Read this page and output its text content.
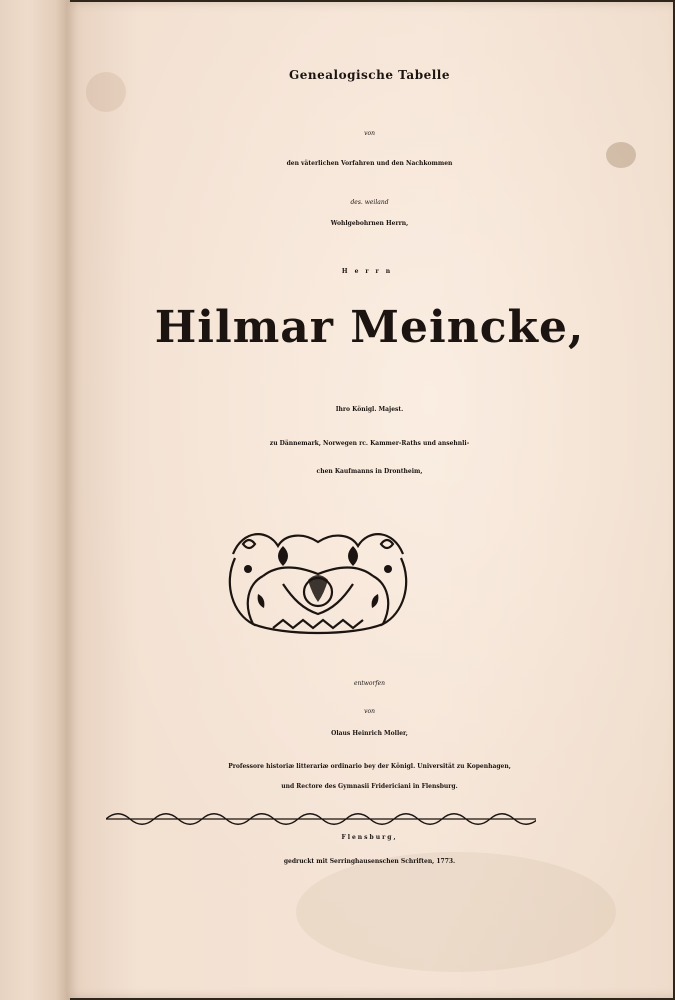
Genealogische Tabelle
von
den väterlichen Vorfahren und den Nachkommen
des. weiland
Wohlgebohrnen Herrn,
Herrn
Hilmar Meincke,
Ihro Königl. Majest.
zu Dännemark, Norwegen rc. Kammer-Raths und ansehnli-
chen Kaufmanns in Drontheim,
entworfen
von
Olaus Heinrich Moller,
Professore historiæ litterariæ ordinario bey der Königl. Universität zu Kopenhagen,
und Rectore des Gymnasii Fridericiani in Flensburg.
Flensburg,
gedruckt mit Serringhausenschen Schriften, 1773.
